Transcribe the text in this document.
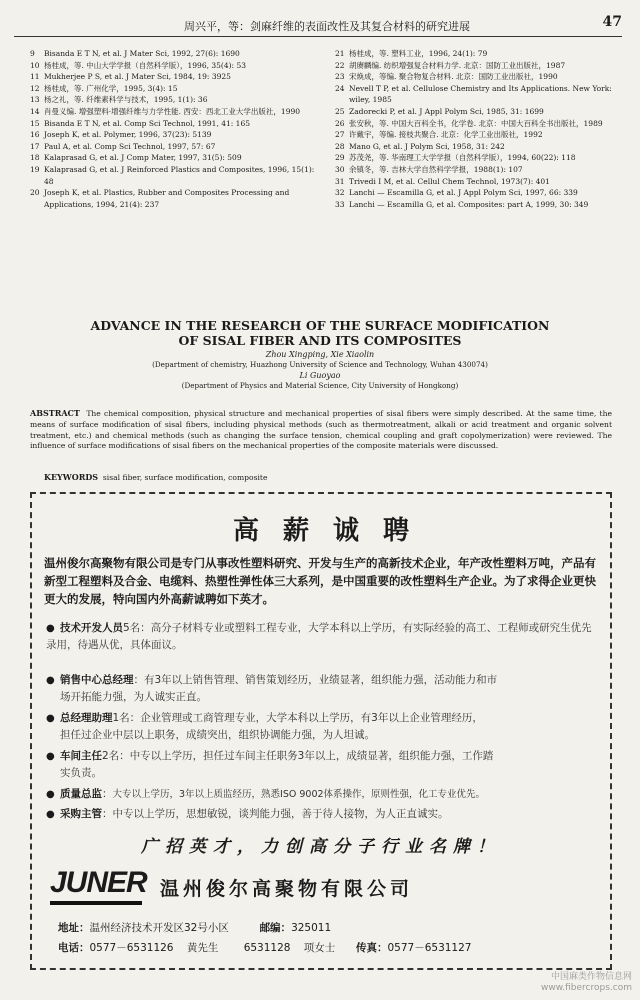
周兴平，等：剑麻纤维的表面改性及其复合材料的研究进展	47
9	Bisanda E T N, et al. J Mater Sci, 1992, 27(6): 1690
10 杨桂成，等. 中山大学学报（自然科学版），1996, 35(4): 53
11 Mukherjee P S, et al. J Mater Sci, 1984, 19: 3925
12 杨桂成，等. 广州化学，1995, 3(4): 15
13 杨之礼，等. 纤维素科学与技术，1995, 1(1): 36
14 肖曼义编. 增强塑料·增强纤维与力学性能. 西安：西北工业大学出版社，1990
15 Bisanda E T N, et al. Comp Sci Technol, 1991, 41: 165
16 Joseph K, et al. Polymer, 1996, 37(23): 5139
17 Paul A, et al. Comp Sci Technol, 1997, 57: 67
18 Kalaprasad G, et al. J Comp Mater, 1997, 31(5): 509
19 Kalaprasad G, et al. J Reinforced Plastics and Composites, 1996, 15(1): 48
20 Joseph K, et al. Plastics, Rubber and Composites Processing and Applications, 1994, 21(4): 237
21 杨桂成，等. 塑料工业，1996, 24(1): 79
22 胡赓麟编. 纺织增强复合材料力学. 北京：国防工业出版社，1987
23 宋焕成，等编. 聚合物复合材料. 北京：国防工业出版社，1990
24 Nevell T P, et al. Cellulose Chemistry and Its Applications. New York: wiley, 1985
25 Zadorecki P, et al. J Appl Polym Sci, 1985, 31: 1699
26 张安秋，等. 中国大百科全书，化学卷. 北京：中国大百科全书出版社，1989
27 许戴宇，等编. 接枝共聚合. 北京：化学工业出版社，1992
28 Mano G, et al. J Polym Sci, 1958, 31: 242
29 苏茂尧，等. 华南理工大学学报（自然科学版），1994, 60(22): 118
30 余镇冬，等. 吉林大学自然科学学报，1988(1): 107
31 Trivedi I M, et al. Cellul Chem Technol, 1973(7): 401
32 Lanchi — Escamilla G, et al. J Appl Polym Sci, 1997, 66: 339
33 Lanchi — Escamilla G, et al. Composites: part A, 1999, 30: 349
ADVANCE IN THE RESEARCH OF THE SURFACE MODIFICATION
OF SISAL FIBER AND ITS COMPOSITES
Zhou Xingping, Xie Xiaolin
(Department of chemistry, Huazhong University of Science and Technology, Wuhan 430074)
Li Guoyao
(Department of Physics and Material Science, City University of Hongkong)
ABSTRACT The chemical composition, physical structure and mechanical properties of sisal fibers were simply described. At the same time, the means of surface modification of sisal fibers, including physical methods (such as thermotreatment, alkali or acid treatment and organic solvent treatment, etc.) and chemical methods (such as changing the surface tension, chemical coupling and graft copolymerization) were reviewed. The influence of surface modifications of sisal fibers on the mechanical properties of the composite materials were discussed.
KEYWORDS sisal fiber, surface modification, composite
高薪诚聘
温州俊尔高聚物有限公司是专门从事改性塑料研究、开发与生产的高新技术企业，年产改性塑料万吨，产品有新型工程塑料及合金、电缆料、热塑性弹性体三大系列，是中国重要的改性塑料生产企业。为了求得企业更快更大的发展，特向国内外高薪诚聘如下英才。
● 技术开发人员5名：高分子材料专业或塑料工程专业，大学本科以上学历，有实际经验的高工、工程师或研究生优先录用，待遇从优，具体面议。
● 销售中心总经理：有3年以上销售管理、销售策划经历，业绩显著，组织能力强，活动能力和市
场开拓能力强，为人诚实正直。
● 总经理助理1名：企业管理或工商管理专业，大学本科以上学历，有3年以上企业管理经历，
担任过企业中层以上职务，成绩突出，组织协调能力强，为人坦诚。
● 车间主任2名：中专以上学历，担任过车间主任职务3年以上，成绩显著，组织能力强，工作踏
实负责。
● 质量总监：大专以上学历，3年以上质监经历，熟悉ISO 9002体系操作，原则性强，化工专业优先。
● 采购主管：中专以上学历，思想敏锐，谈判能力强，善于待人接物，为人正直诚实。
广招英才，力创高分子行业名牌！
JUNER 温州俊尔高聚物有限公司
地址：温州经济技术开发区32号小区	邮编：325011
电话：0577－6531126 黄先生 6531128 项女士 传真：0577－6531127
中国麻类作物信息网
www.fibercrops.com
